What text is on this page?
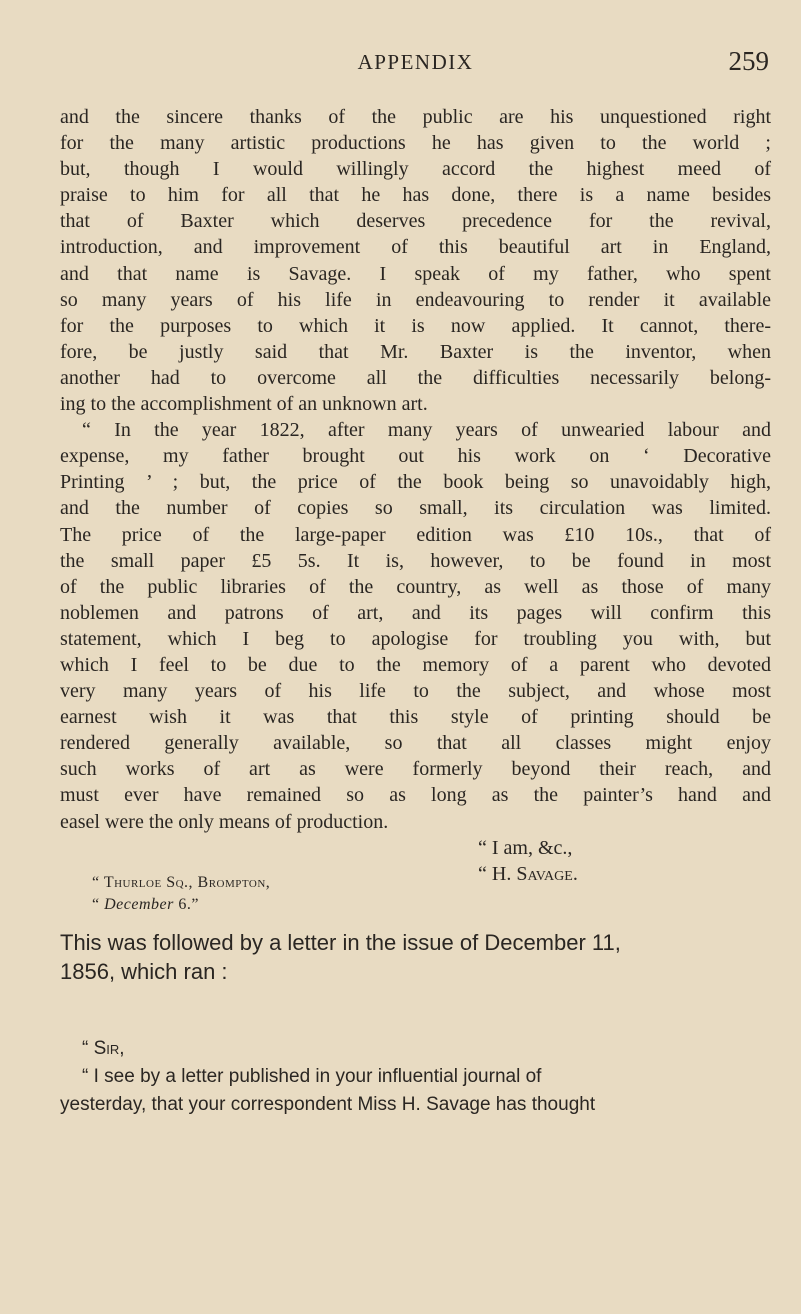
APPENDIX	259
and the sincere thanks of the public are his unquestioned right
for the many artistic productions he has given to the world ;
but, though I would willingly accord the highest meed of
praise to him for all that he has done, there is a name besides
that of Baxter which deserves precedence for the revival,
introduction, and improvement of this beautiful art in England,
and that name is Savage. I speak of my father, who spent
so many years of his life in endeavouring to render it available
for the purposes to which it is now applied. It cannot, there-
fore, be justly said that Mr. Baxter is the inventor, when
another had to overcome all the difficulties necessarily belong-
ing to the accomplishment of an unknown art.
“ In the year 1822, after many years of unwearied labour and
expense, my father brought out his work on ‘ Decorative
Printing ’ ; but, the price of the book being so unavoidably high,
and the number of copies so small, its circulation was limited.
The price of the large-paper edition was £10 10s., that of
the small paper £5 5s. It is, however, to be found in most
of the public libraries of the country, as well as those of many
noblemen and patrons of art, and its pages will confirm this
statement, which I beg to apologise for troubling you with, but
which I feel to be due to the memory of a parent who devoted
very many years of his life to the subject, and whose most
earnest wish it was that this style of printing should be
rendered generally available, so that all classes might enjoy
such works of art as were formerly beyond their reach, and
must ever have remained so as long as the painter’s hand and
easel were the only means of production.
“ I am, &c.,
“ H. Savage.
“ Thurloe Sq., Brompton,
“ December 6.”
This was followed by a letter in the issue of December 11,
1856, which ran :
“ Sir,
“ I see by a letter published in your influential journal of
yesterday, that your correspondent Miss H. Savage has thought
